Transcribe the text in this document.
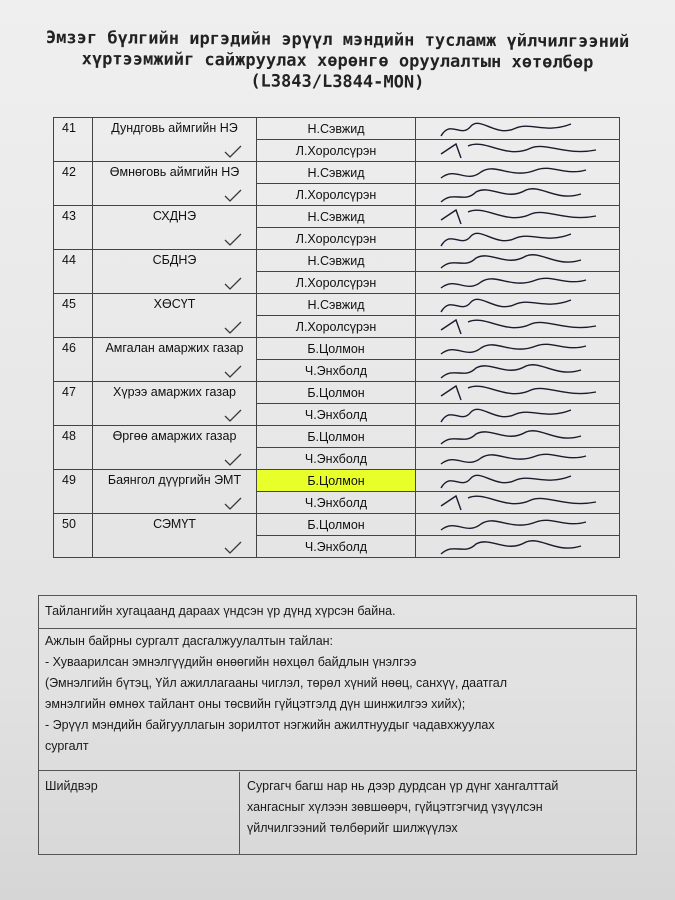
Эмзэг бүлгийн иргэдийн эрүүл мэндийн тусламж үйлчилгээний
хүртээмжийг сайжруулах хөрөнгө оруулалтын хөтөлбөр
(L3843/L3844-MON)
41	Дундговь аймгийн НЭ	Н.Сэвжид	

		Л.Хоролсүрэн	

42	Өмнөговь аймгийн НЭ	Н.Сэвжид	

		Л.Хоролсүрэн	

43	СХДНЭ	Н.Сэвжид	

		Л.Хоролсүрэн	

44	СБДНЭ	Н.Сэвжид	

		Л.Хоролсүрэн	

45	ХӨСҮТ	Н.Сэвжид	

		Л.Хоролсүрэн	

46	Амгалан амаржих газар	Б.Цолмон	

		Ч.Энхболд	

47	Хүрээ амаржих газар	Б.Цолмон	

		Ч.Энхболд	

48	Өргөө амаржих газар	Б.Цолмон	

		Ч.Энхболд	

49	Баянгол дүүргийн ЭМТ	Б.Цолмон	

		Ч.Энхболд	

50	СЭМҮТ	Б.Цолмон	

		Ч.Энхболд	
Тайлангийн хугацаанд дараах үндсэн үр дүнд хүрсэн байна.
Ажлын байрны сургалт дасгалжуулалтын тайлан:
- Хуваарилсан эмнэлгүүдийн өнөөгийн нөхцөл байдлын үнэлгээ
(Эмнэлгийн бүтэц, Үйл ажиллагааны чиглэл, төрөл хүний нөөц, санхүү, даатгал
эмнэлгийн өмнөх тайлант оны төсвийн гүйцэтгэлд дүн шинжилгээ хийх);
- Эрүүл мэндийн байгууллагын зорилтот нэгжийн ажилтнуудыг чадавхжуулах
сургалт
Шийдвэр	Сургагч багш нар нь дээр дурдсан үр дүнг хангалттай
хангасныг хүлээн зөвшөөрч, гүйцэтгэгчид үзүүлсэн
үйлчилгээний төлбөрийг шилжүүлэх
